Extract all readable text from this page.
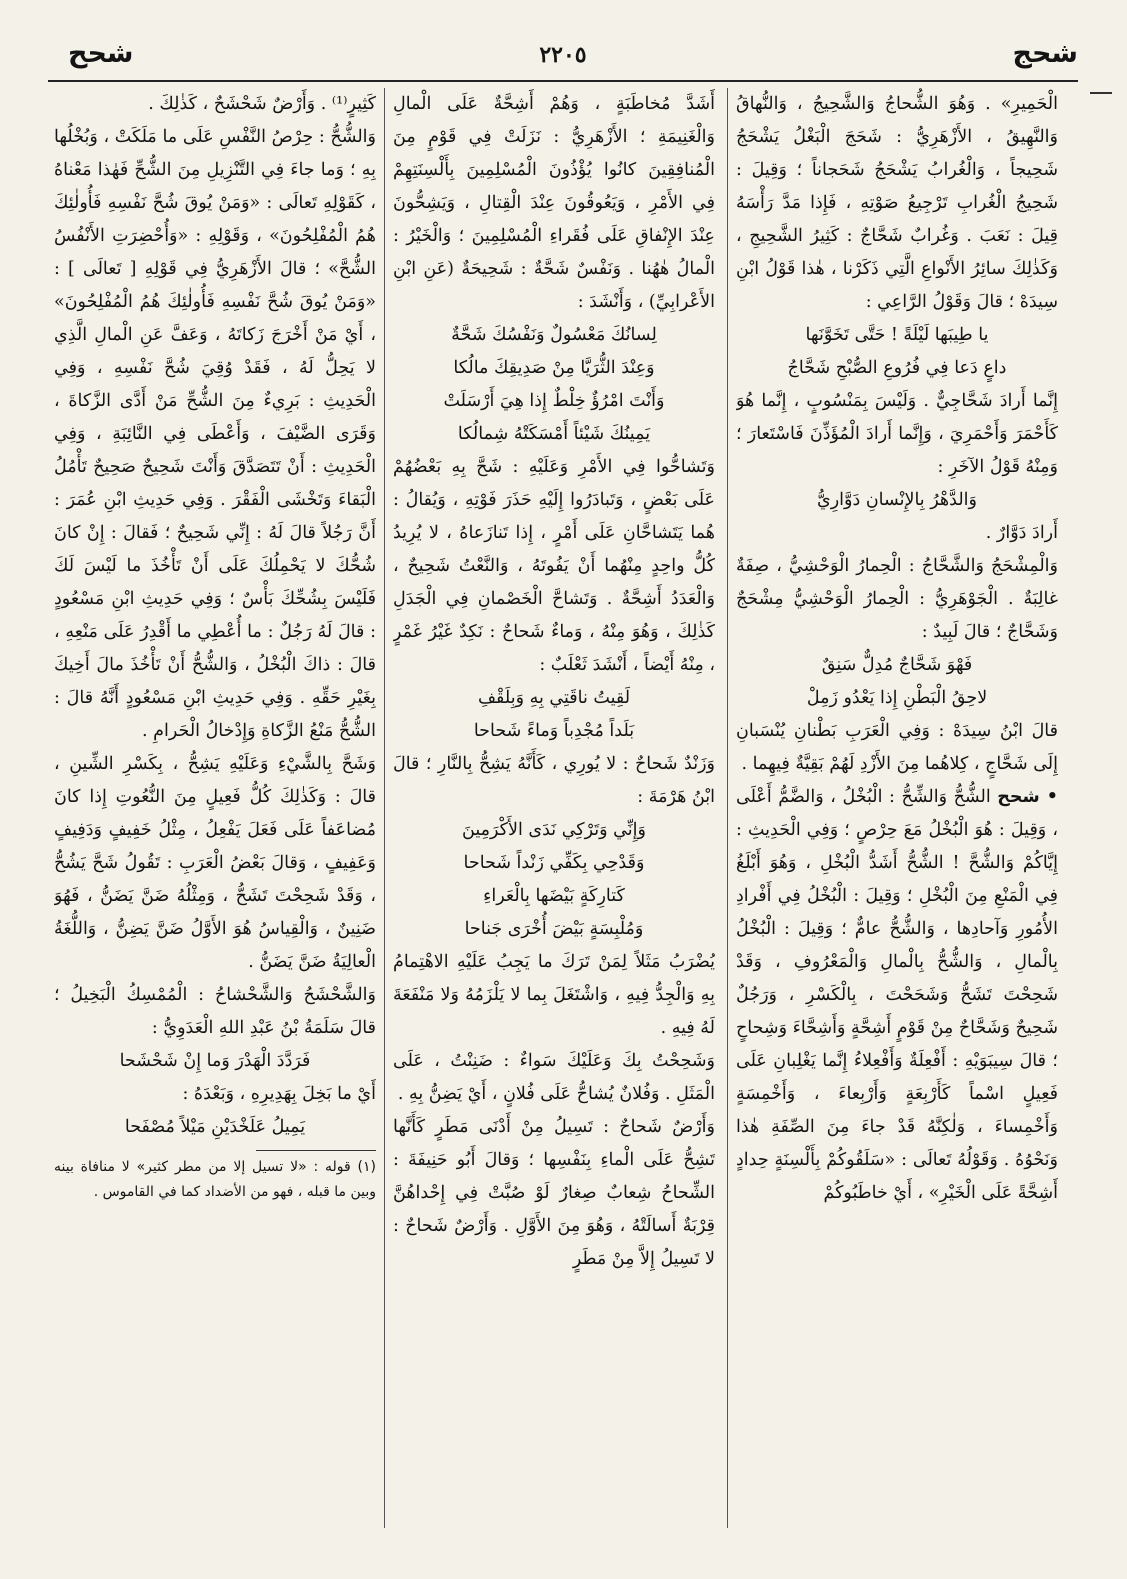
شحج
٢٢٠٥
شحح

الْحَمِيرِ» . وَهُوَ الشُّحاجُ وَالشَّحِيجُ ، وَالنُّهاقُ وَالنَّهِيقُ ، الأَزْهَرِيُّ : شَحَجَ الْبَغْلُ يَشْحَجُ شَحِيجاً ، وَالْغُرابُ يَشْحَجُ شَحَجاناً ؛ وَقِيلَ : شَحِيجُ الْغُرابِ تَرْجِيعُ صَوْتِهِ ، فَإِذا مَدَّ رَأْسَهُ قِيلَ : نَعَبَ . وَغُرابٌ شَحَّاجٌ : كَثِيرُ الشَّحِيجِ ، وَكَذٰلِكَ سائِرُ الأَنْواعِ الَّتِي ذَكَرْنا ، هٰذا قَوْلُ ابْنِ سِيدَهْ ؛ قالَ وَقَوْلُ الرَّاعِي :

يا طِيبَها لَيْلَةً ! حَتَّى تَخَوَّنَها

داعٍ دَعا فِي فُرُوعِ الصُّبْحِ شَحَّاجُ

إِنَّما أَرادَ شَحَّاجِيٌّ . وَلَيْسَ بِمَنْسُوبٍ ، إِنَّما هُوَ كَأَحْمَرَ وَأَحْمَرِيَ ، وَإِنَّما أَرادَ الْمُؤَذِّنَ فَاسْتَعارَ ؛ وَمِنْهُ قَوْلُ الآخَرِ :

وَالدَّهْرُ بِالإِنْسانِ دَوَّارِيُّ

أَرادَ دَوَّارٌ .

وَالْمِشْحَجُ وَالشَّحَّاجُ : الْحِمارُ الْوَحْشِيُّ ، صِفَةٌ غالِبَةٌ . الْجَوْهَرِيُّ : الْحِمارُ الْوَحْشِيُّ مِشْحَجٌ وَشَحَّاجٌ ؛ قالَ لَبِيدٌ :

فَهْوَ شَحَّاجٌ مُدِلٌّ سَنِقٌ

لاحِقُ الْبَطْنِ إِذا يَعْدُو زَمِلْ

قالَ ابْنُ سِيدَهْ : وَفِي الْعَرَبِ بَطْنانِ يُنْسَبانِ إِلَى شَحَّاجٍ ، كِلاهُما مِنَ الأَزْدِ لَهُمْ بَقِيَّةٌ فِيهِما .

• شحح الشُّحُّ وَالشِّحُّ : الْبُخْلُ ، وَالضَّمُّ أَعْلَى ، وَقِيلَ : هُوَ الْبُخْلُ مَعَ حِرْصٍ ؛ وَفِي الْحَدِيثِ : إِيَّاكُمْ وَالشُّحَّ ! الشُّحُّ أَشَدُّ الْبُخْلِ ، وَهُوَ أَبْلَغُ فِي الْمَنْعِ مِنَ الْبُخْلِ ؛ وَقِيلَ : الْبُخْلُ فِي أَفْرادِ الأُمُورِ وَآحادِها ، وَالشُّحُّ عامٌّ ؛ وَقِيلَ : الْبُخْلُ بِالْمالِ ، وَالشُّحُّ بِالْمالِ وَالْمَعْرُوفِ ، وَقَدْ شَحِحْتَ تَشَحُّ وَشَحَحْتَ ، بِالْكَسْرِ ، وَرَجُلٌ شَحِيحٌ وَشَحَّاحٌ مِنْ قَوْمٍ أَشِحَّةٍ وَأَشِحَّاءَ وَشِحاحٍ ؛ قالَ سِيبَوَيْهِ : أَفْعِلَةٌ وَأَفْعِلاءُ إِنَّما يَغْلِبانِ عَلَى فَعِيلٍ اسْماً كَأَرْبِعَةٍ وَأَرْبِعاءَ ، وَأَخْمِسَةٍ وَأَخْمِساءَ ، وَلٰكِنَّهُ قَدْ جاءَ مِنَ الصِّفَةِ هٰذا وَنَحْوُهُ . وَقَوْلُهُ تَعالَى : «سَلَقُوكُمْ بِأَلْسِنَةٍ حِدادٍ أَشِحَّةً عَلَى الْخَيْرِ» ، أَيْ خاطَبُوكُمْ

أَشَدَّ مُخاطَبَةٍ ، وَهُمْ أَشِحَّةٌ عَلَى الْمالِ وَالْغَنِيمَةِ ؛ الأَزْهَرِيُّ : نَزَلَتْ فِي قَوْمٍ مِنَ الْمُنافِقِينَ كانُوا يُؤْذُونَ الْمُسْلِمِينَ بِأَلْسِنَتِهِمْ فِي الأَمْرِ ، وَيَعُوقُونَ عِنْدَ الْقِتالِ ، وَيَشِحُّونَ عِنْدَ الإِنْفاقِ عَلَى فُقَراءِ الْمُسْلِمِينَ ؛ وَالْخَيْرُ : الْمالُ هٰهُنا . وَنَفْسٌ شَحَّةٌ : شَحِيحَةٌ (عَنِ ابْنِ الأَعْرابِيِّ) ، وَأَنْشَدَ :

لِسانُكَ مَعْسُولٌ وَنَفْسُكَ شَحَّةٌ

وَعِنْدَ الثُّرَيَّا مِنْ صَدِيقِكَ مالُكا

وَأَنْتَ امْرُؤٌ خِلْطٌ إِذا هِيَ أَرْسَلَتْ

يَمِينُكَ شَيْئاً أَمْسَكَتْهُ شِمالُكا

وَتَشاحُّوا فِي الأَمْرِ وَعَلَيْهِ : شَحَّ بِهِ بَعْضُهُمْ عَلَى بَعْضٍ ، وَتَبادَرُوا إِلَيْهِ حَذَرَ فَوْتِهِ ، وَيُقالُ : هُما يَتَشاحَّانِ عَلَى أَمْرٍ ، إِذا تَنازَعاهُ ، لا يُرِيدُ كُلُّ واحِدٍ مِنْهُما أَنْ يَفُوتَهُ ، وَالنَّعْتُ شَحِيحٌ ، وَالْعَدَدُ أَشِحَّةٌ . وَتَشاحَّ الْخَصْمانِ فِي الْجَدَلِ كَذٰلِكَ ، وَهُوَ مِنْهُ ، وَماءٌ شَحاحٌ : نَكِدٌ غَيْرُ غَمْرٍ ، مِنْهُ أَيْضاً ، أَنْشَدَ ثَعْلَبٌ :

لَقِيتُ ناقَتِي بِهِ وَبِلَقْفِ

بَلَداً مُجْدِباً وَماءً شَحاحا

وَزَنْدٌ شَحاحٌ : لا يُورِي ، كَأَنَّهُ يَشِحُّ بِالنَّارِ ؛ قالَ ابْنُ هَرْمَةَ :

وَإِنِّي وَتَرْكِي نَدَى الأَكْرَمِينَ

وَقَدْحِي بِكَفِّي زَنْداً شَحاحا

كَتارِكَةٍ بَيْضَها بِالْعَراءِ

وَمُلْبِسَةٍ بَيْضَ أُخْرَى جَناحا

يُضْرَبُ مَثَلاً لِمَنْ تَرَكَ ما يَجِبُ عَلَيْهِ الاهْتِمامُ بِهِ وَالْجِدُّ فِيهِ ، وَاشْتَغَلَ بِما لا يَلْزَمُهُ وَلا مَنْفَعَةَ لَهُ فِيهِ .

وَشَحِحْتُ بِكَ وَعَلَيْكَ سَواءٌ : ضَنِنْتُ ، عَلَى الْمَثَلِ . وَفُلانٌ يُشاحُّ عَلَى فُلانٍ ، أَيْ يَضِنُّ بِهِ .

وَأَرْضٌ شَحاحٌ : تَسِيلُ مِنْ أَدْنَى مَطَرٍ كَأَنَّها تَشِحُّ عَلَى الْماءِ بِنَفْسِها ؛ وَقالَ أَبُو حَنِيفَةَ : الشِّحاحُ شِعابٌ صِغارٌ لَوْ صُبَّتْ فِي إِحْداهُنَّ قِرْبَةٌ أَسالَتْهُ ، وَهُوَ مِنَ الأَوَّلِ . وَأَرْضٌ شَحاحٌ : لا تَسِيلُ إِلاَّ مِنْ مَطَرٍ

كَثِيرٍ⁽¹⁾ . وَأَرْضٌ شَحْشَحٌ ، كَذٰلِكَ .

وَالشُّحُّ : حِرْصُ النَّفْسِ عَلَى ما مَلَكَتْ ، وَبُخْلُها بِهِ ؛ وَما جاءَ فِي التَّنْزِيلِ مِنَ الشُّحِّ فَهٰذا مَعْناهُ ، كَقَوْلِهِ تَعالَى : «وَمَنْ يُوقَ شُحَّ نَفْسِهِ فَأُولٰئِكَ هُمُ الْمُفْلِحُونَ» ، وَقَوْلِهِ : «وَأُحْضِرَتِ الأَنْفُسُ الشُّحَّ» ؛ قالَ الأَزْهَرِيُّ فِي قَوْلِهِ [ تَعالَى ] : «وَمَنْ يُوقَ شُحَّ نَفْسِهِ فَأُولٰئِكَ هُمُ الْمُفْلِحُونَ» ، أَيْ مَنْ أَخْرَجَ زَكاتَهُ ، وَعَفَّ عَنِ الْمالِ الَّذِي لا يَحِلُّ لَهُ ، فَقَدْ وُقِيَ شُحَّ نَفْسِهِ ، وَفِي الْحَدِيثِ : بَرِيءٌ مِنَ الشُّحِّ مَنْ أَدَّى الزَّكاةَ ، وَقَرَى الضَّيْفَ ، وَأَعْطَى فِي النَّائِبَةِ ، وَفِي الْحَدِيثِ : أَنْ تَتَصَدَّقَ وَأَنْتَ شَحِيحٌ صَحِيحٌ تَأْمُلُ الْبَقاءَ وَتَخْشَى الْفَقْرَ . وَفِي حَدِيثِ ابْنِ عُمَرَ : أَنَّ رَجُلاً قالَ لَهُ : إِنِّي شَحِيحٌ ؛ فَقالَ : إِنْ كانَ شُحُّكَ لا يَحْمِلُكَ عَلَى أَنْ تَأْخُذَ ما لَيْسَ لَكَ فَلَيْسَ بِشُحِّكَ بَأْسٌ ؛ وَفِي حَدِيثِ ابْنِ مَسْعُودٍ : قالَ لَهُ رَجُلٌ : ما أُعْطِي ما أَقْدِرُ عَلَى مَنْعِهِ ، قالَ : ذاكَ الْبُخْلُ ، وَالشُّحُّ أَنْ تَأْخُذَ مالَ أَخِيكَ بِغَيْرِ حَقِّهِ . وَفِي حَدِيثِ ابْنِ مَسْعُودٍ أَنَّهُ قالَ : الشُّحُّ مَنْعُ الزَّكاةِ وَإِدْخالُ الْحَرامِ .

وَشَحَّ بِالشَّيْءِ وَعَلَيْهِ يَشِحُّ ، بِكَسْرِ الشِّينِ ، قالَ : وَكَذٰلِكَ كُلُّ فَعِيلٍ مِنَ النُّعُوتِ إِذا كانَ مُضاعَفاً عَلَى فَعَلَ يَفْعِلُ ، مِثْلُ خَفِيفٍ وَدَفِيفٍ وَعَفِيفٍ ، وَقالَ بَعْضُ الْعَرَبِ : تَقُولُ شَحَّ يَشُحُّ ، وَقَدْ شَحِحْتَ تَشَحُّ ، وَمِثْلُهُ ضَنَّ يَضَنُّ ، فَهُوَ ضَنِينٌ ، وَالْقِياسُ هُوَ الأَوَّلُ ضَنَّ يَضِنُّ ، وَاللُّغَةُ الْعالِيَةُ ضَنَّ يَضَنُّ .

وَالشَّحْشَحُ وَالشَّحْشاحُ : الْمُمْسِكُ الْبَخِيلُ ؛ قالَ سَلَمَةُ بْنُ عَبْدِ اللهِ الْعَدَوِيُّ :

فَرَدَّدَ الْهَدْرَ وَما إِنْ شَحْشَحا

أَيْ ما بَخِلَ بِهَدِيرِهِ ، وَبَعْدَهُ :

يَمِيلُ عَلَخْدَيْنِ مَيْلاً مُصْفَحا

(١) قوله : «لا تسيل إلا من مطر كثير» لا منافاة بينه وبين ما قبله ، فهو من الأضداد كما في القاموس .
